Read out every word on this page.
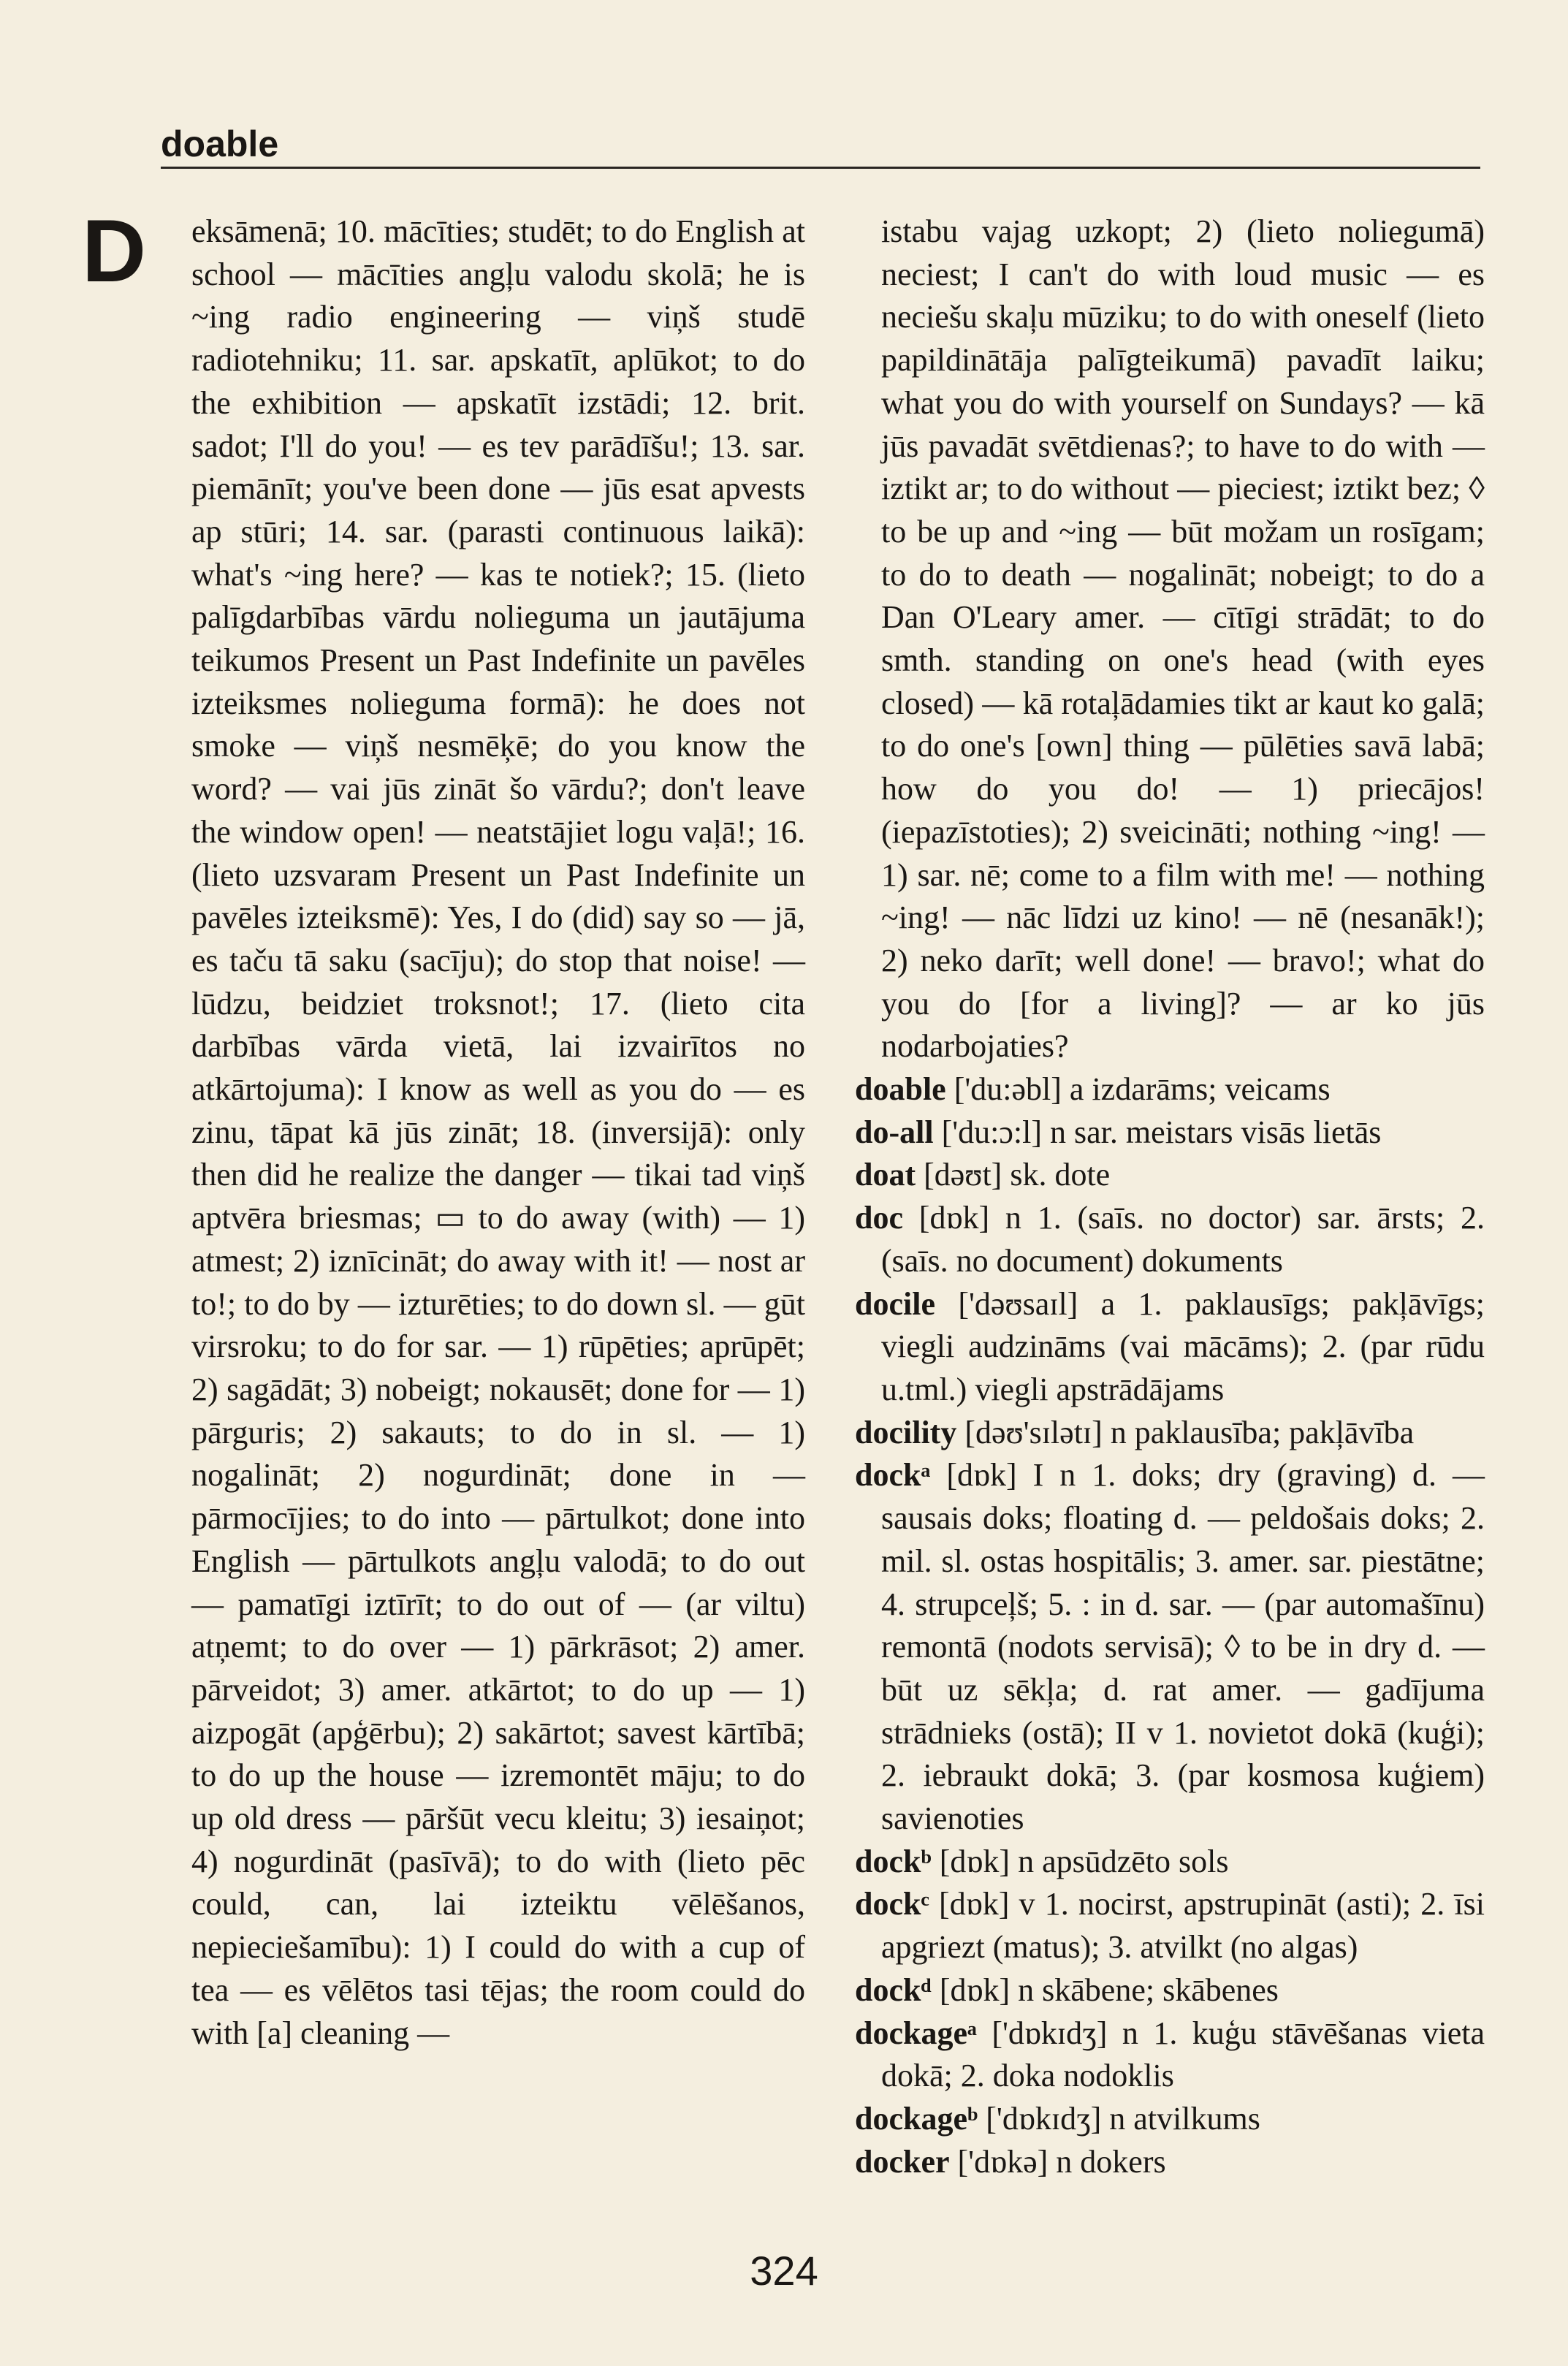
doable
D eksāmenā; 10. mācīties; studēt; to do English at school — mācīties angļu valodu skolā; he is ~ing radio engineering — viņš studē radiotehniku; 11. sar. apskatīt, aplūkot; to do the exhibition — apskatīt izstādi; 12. brit. sadot; I'll do you! — es tev parādīšu!; 13. sar. piemānīt; you've been done — jūs esat apvests ap stūri; 14. sar. (parasti continuous laikā): what's ~ing here? — kas te notiek?; 15. (lieto palīgdarbības vārdu nolieguma un jautājuma teikumos Present un Past Indefinite un pavēles izteiksmes nolieguma formā): he does not smoke — viņš nesmēķē; do you know the word? — vai jūs zināt šo vārdu?; don't leave the window open! — neatstājiet logu vaļā!; 16. (lieto uzsvaram Present un Past Indefinite un pavēles izteiksmē): Yes, I do (did) say so — jā, es taču tā saku (sacīju); do stop that noise! — lūdzu, beidziet troksnot!; 17. (lieto cita darbības vārda vietā, lai izvairītos no atkārtojuma): I know as well as you do — es zinu, tāpat kā jūs zināt; 18. (inversijā): only then did he realize the danger — tikai tad viņš aptvēra briesmas; ▭ to do away (with) — 1) atmest; 2) iznīcināt; do away with it! — nost ar to!; to do by — izturēties; to do down sl. — gūt virsroku; to do for sar. — 1) rūpēties; aprūpēt; 2) sagādāt; 3) nobeigt; nokausēt; done for — 1) pārguris; 2) sakauts; to do in sl. — 1) nogalināt; 2) nogurdināt; done in — pārmocījies; to do into — pārtulkot; done into English — pārtulkots angļu valodā; to do out — pamatīgi iztīrīt; to do out of — (ar viltu) atņemt; to do over — 1) pārkrāsot; 2) amer. pārveidot; 3) amer. atkārtot; to do up — 1) aizpogāt (apģērbu); 2) sakārtot; savest kārtībā; to do up the house — izremontēt māju; to do up old dress — pāršūt vecu kleitu; 3) iesaiņot; 4) nogurdināt (pasīvā); to do with (lieto pēc could, can, lai izteiktu vēlēšanos, nepieciešamību): 1) I could do with a cup of tea — es vēlētos tasi tējas; the room could do with [a] cleaning —

istabu vajag uzkopt; 2) (lieto noliegumā) neciest; I can't do with loud music — es neciešu skaļu mūziku; to do with oneself (lieto papildinātāja palīgteikumā) pavadīt laiku; what you do with yourself on Sundays? — kā jūs pavadāt svētdienas?; to have to do with — iztikt ar; to do without — pieciest; iztikt bez; ◊ to be up and ~ing — būt možam un rosīgam; to do to death — nogalināt; nobeigt; to do a Dan O'Leary amer. — cītīgi strādāt; to do smth. standing on one's head (with eyes closed) — kā rotaļādamies tikt ar kaut ko galā; to do one's [own] thing — pūlēties savā labā; how do you do! — 1) priecājos! (iepazīstoties); 2) sveicināti; nothing ~ing! — 1) sar. nē; come to a film with me! — nothing ~ing! — nāc līdzi uz kino! — nē (nesanāk!); 2) neko darīt; well done! — bravo!; what do you do [for a living]? — ar ko jūs nodarbojaties?

doable ['du:əbl] a izdarāms; veicams

do-all ['du:ɔ:l] n sar. meistars visās lietās

doat [dəʊt] sk. dote

doc [dɒk] n 1. (saīs. no doctor) sar. ārsts; 2. (saīs. no document) dokuments

docile ['dəʊsaɪl] a 1. paklausīgs; pakļāvīgs; viegli audzināms (vai mācāms); 2. (par rūdu u.tml.) viegli apstrādājams

docility [dəʊ'sɪlətɪ] n paklausība; pakļāvība

dockᵃ [dɒk] I n 1. doks; dry (graving) d. — sausais doks; floating d. — peldošais doks; 2. mil. sl. ostas hospitālis; 3. amer. sar. piestātne; 4. strupceļš; 5. : in d. sar. — (par automašīnu) remontā (nodots servisā); ◊ to be in dry d. — būt uz sēkļa; d. rat amer. — gadījuma strādnieks (ostā); II v 1. novietot dokā (kuģi); 2. iebraukt dokā; 3. (par kosmosa kuģiem) savienoties

dockᵇ [dɒk] n apsūdzēto sols

dockᶜ [dɒk] v 1. nocirst, apstrupināt (asti); 2. īsi apgriezt (matus); 3. atvilkt (no algas)

dockᵈ [dɒk] n skābene; skābenes

dockageᵃ ['dɒkɪdʒ] n 1. kuģu stāvēšanas vieta dokā; 2. doka nodoklis

dockageᵇ ['dɒkɪdʒ] n atvilkums

docker ['dɒkə] n dokers

324
